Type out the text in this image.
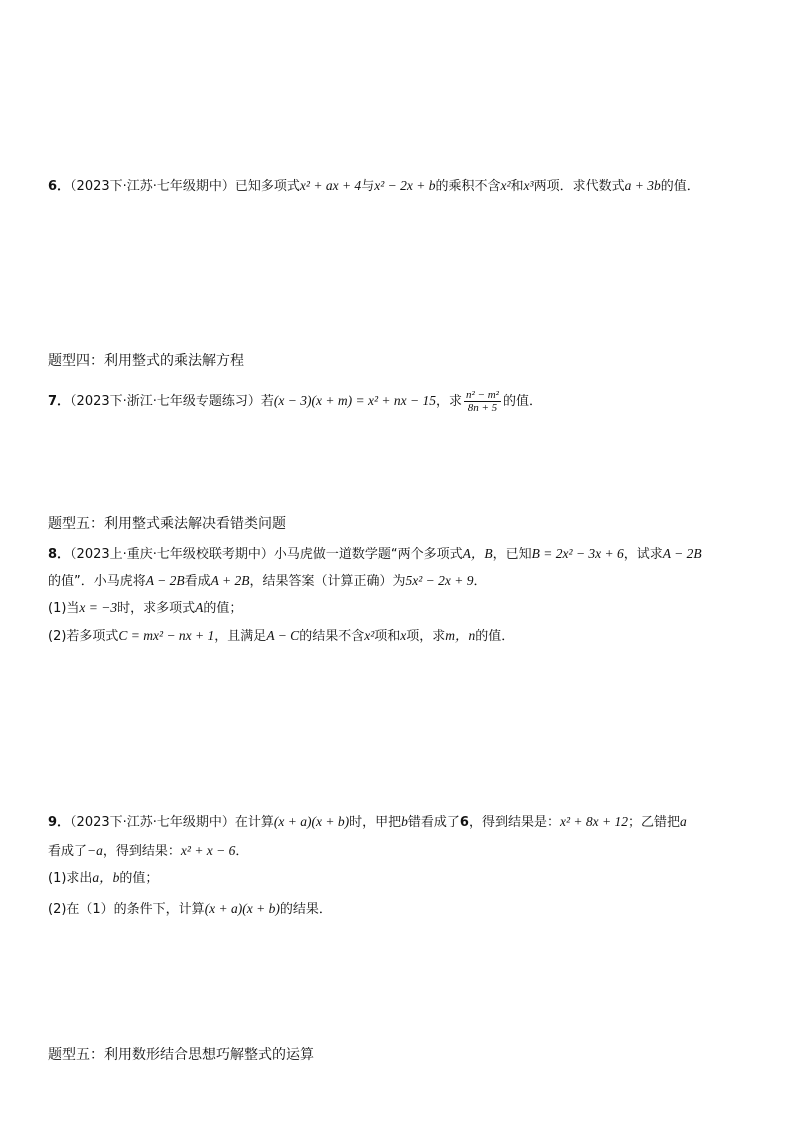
6．（2023下·江苏·七年级期中）已知多项式x² + ax + 4与x² − 2x + b的乘积不含x²和x³两项．求代数式a + 3b的值．
题型四：利用整式的乘法解方程
7．（2023下·浙江·七年级专题练习）若(x − 3)(x + m) = x² + nx − 15，求 $\frac{\text{n² − m²}}{8n + 5}$ 的值．
题型五：利用整式乘法解决看错类问题
8．（2023上·重庆·七年级校联考期中）小马虎做一道数学题“两个多项式A，B，已知B = 2x² − 3x + 6，试求A − 2B
的值”．小马虎将A − 2B看成A + 2B，结果答案（计算正确）为5x² − 2x + 9．
(1)当x = −3时，求多项式A的值；
(2)若多项式C = mx² − nx + 1，且满足A − C的结果不含x²项和x项，求m，n的值．
9．（2023下·江苏·七年级期中）在计算(x + a)(x + b)时，甲把b错看成了6，得到结果是：x² + 8x + 12；乙错把a
看成了−a，得到结果：x² + x − 6．
(1)求出a，b的值；
(2)在（1）的条件下，计算(x + a)(x + b)的结果．
题型五：利用数形结合思想巧解整式的运算
